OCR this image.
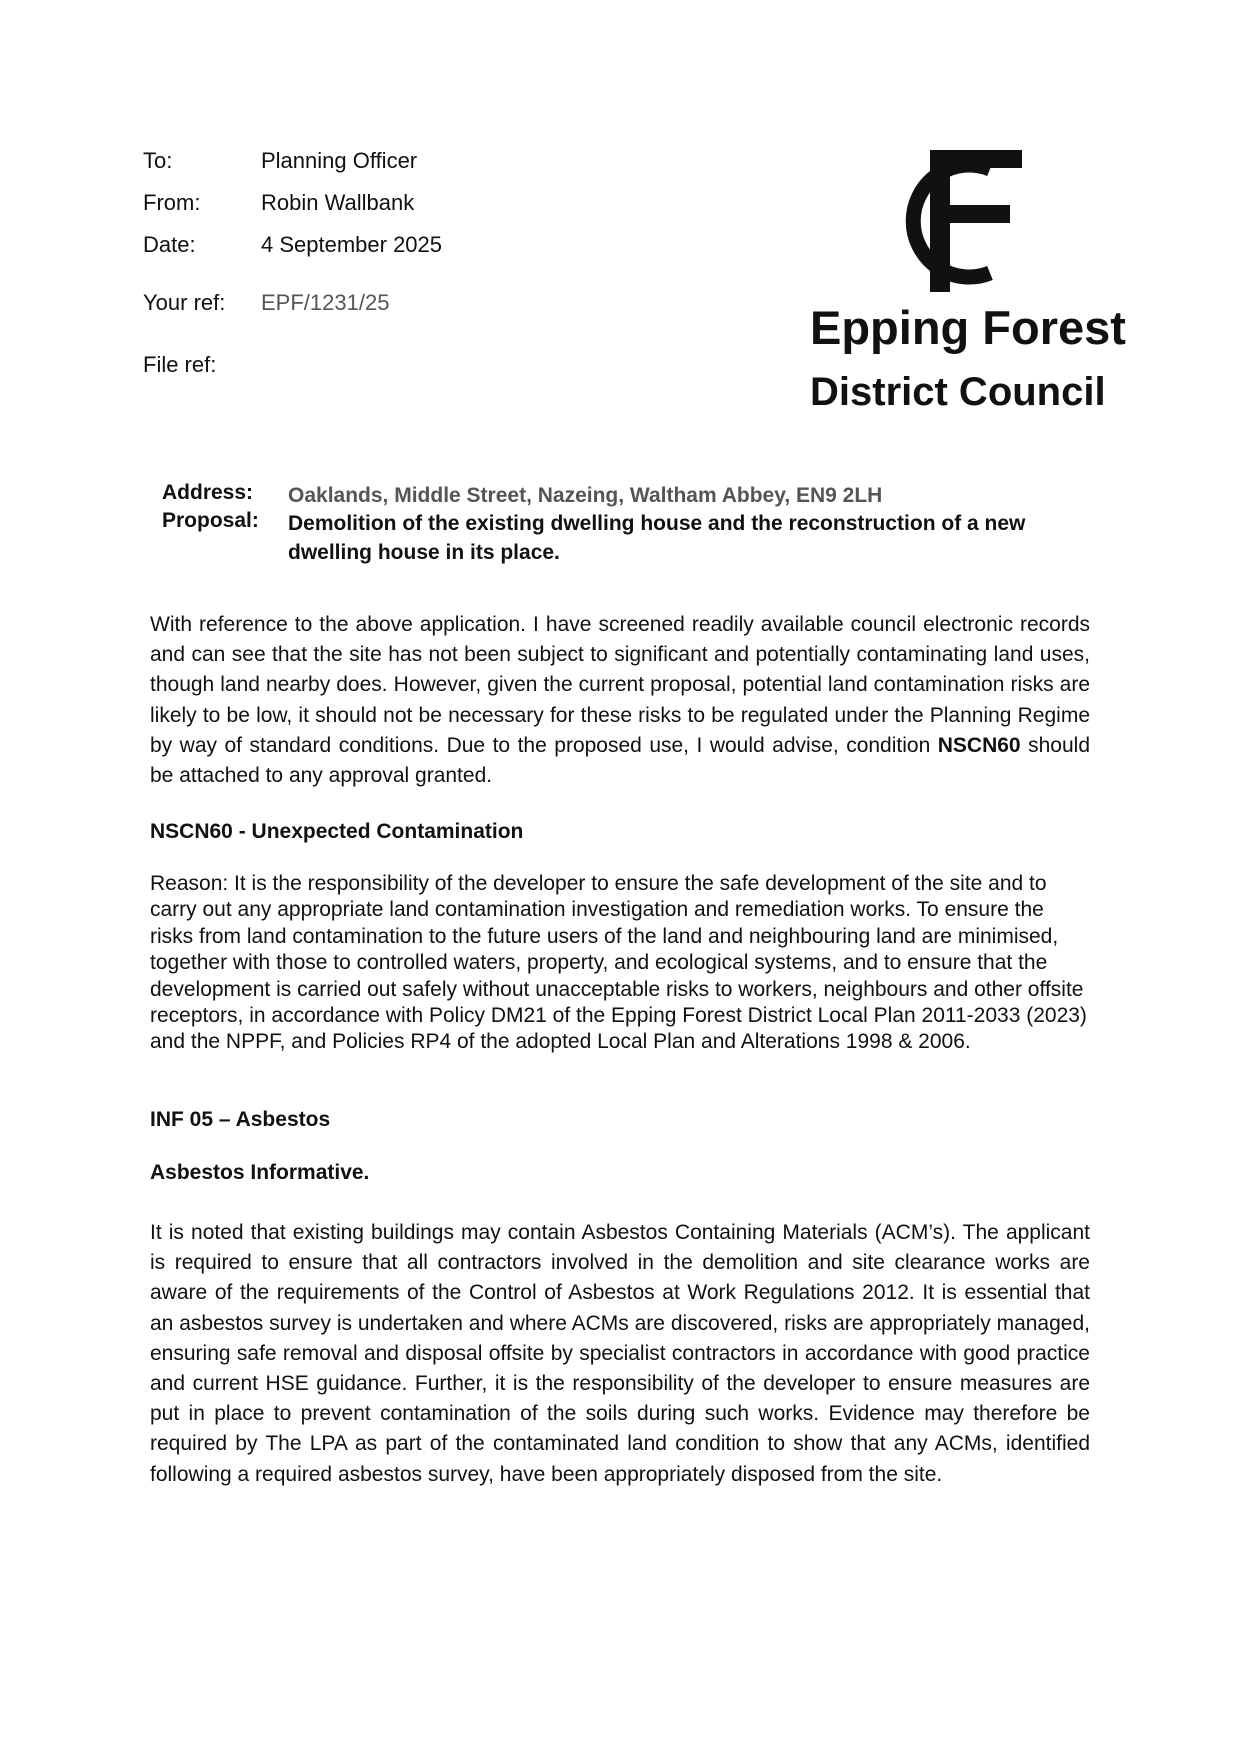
To:	Planning Officer
From:	Robin Wallbank
Date:	4 September 2025
Your ref: EPF/1231/25
File ref:
Epping Forest
District Council
Address: Oaklands, Middle Street, Nazeing, Waltham Abbey, EN9 2LH
Proposal: Demolition of the existing dwelling house and the reconstruction of a new dwelling house in its place.
With reference to the above application. I have screened readily available council electronic records and can see that the site has not been subject to significant and potentially contaminating land uses, though land nearby does. However, given the current proposal, potential land contamination risks are likely to be low, it should not be necessary for these risks to be regulated under the Planning Regime by way of standard conditions. Due to the proposed use, I would advise, condition NSCN60 should be attached to any approval granted.
NSCN60 - Unexpected Contamination
Reason: It is the responsibility of the developer to ensure the safe development of the site and to carry out any appropriate land contamination investigation and remediation works. To ensure the risks from land contamination to the future users of the land and neighbouring land are minimised, together with those to controlled waters, property, and ecological systems, and to ensure that the development is carried out safely without unacceptable risks to workers, neighbours and other offsite receptors, in accordance with Policy DM21 of the Epping Forest District Local Plan 2011-2033 (2023) and the NPPF, and Policies RP4 of the adopted Local Plan and Alterations 1998 & 2006.
INF 05 – Asbestos
Asbestos Informative.
It is noted that existing buildings may contain Asbestos Containing Materials (ACM’s). The applicant is required to ensure that all contractors involved in the demolition and site clearance works are aware of the requirements of the Control of Asbestos at Work Regulations 2012. It is essential that an asbestos survey is undertaken and where ACMs are discovered, risks are appropriately managed, ensuring safe removal and disposal offsite by specialist contractors in accordance with good practice and current HSE guidance. Further, it is the responsibility of the developer to ensure measures are put in place to prevent contamination of the soils during such works. Evidence may therefore be required by The LPA as part of the contaminated land condition to show that any ACMs, identified following a required asbestos survey, have been appropriately disposed from the site.
